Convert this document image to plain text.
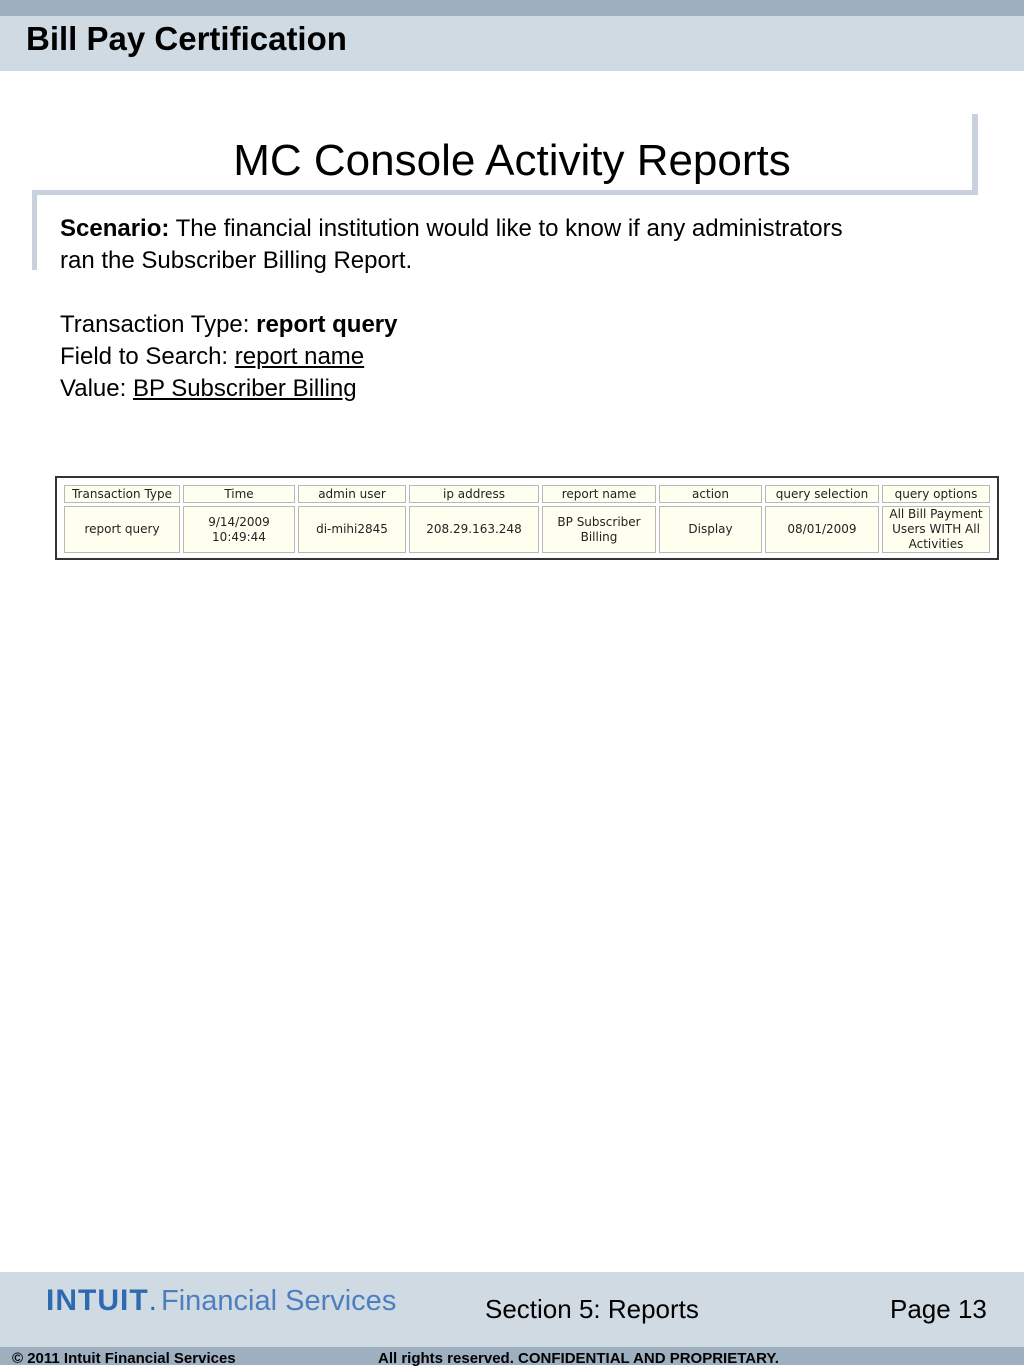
Bill Pay Certification
MC Console Activity Reports
Scenario: The financial institution would like to know if any administrators
ran the Subscriber Billing Report.
Transaction Type: report query
Field to Search: report name
Value: BP Subscriber Billing
Transaction Type	Time	admin user	ip address	report name	action	query selection	query options
report query	9/14/2009 10:49:44	di-mihi2845	208.29.163.248	BP Subscriber Billing	Display	08/01/2009	All Bill Payment Users WITH All Activities
INTUIT . Financial Services	Section 5: Reports	Page 13
© 2011 Intuit Financial Services	All rights reserved. CONFIDENTIAL AND PROPRIETARY.
